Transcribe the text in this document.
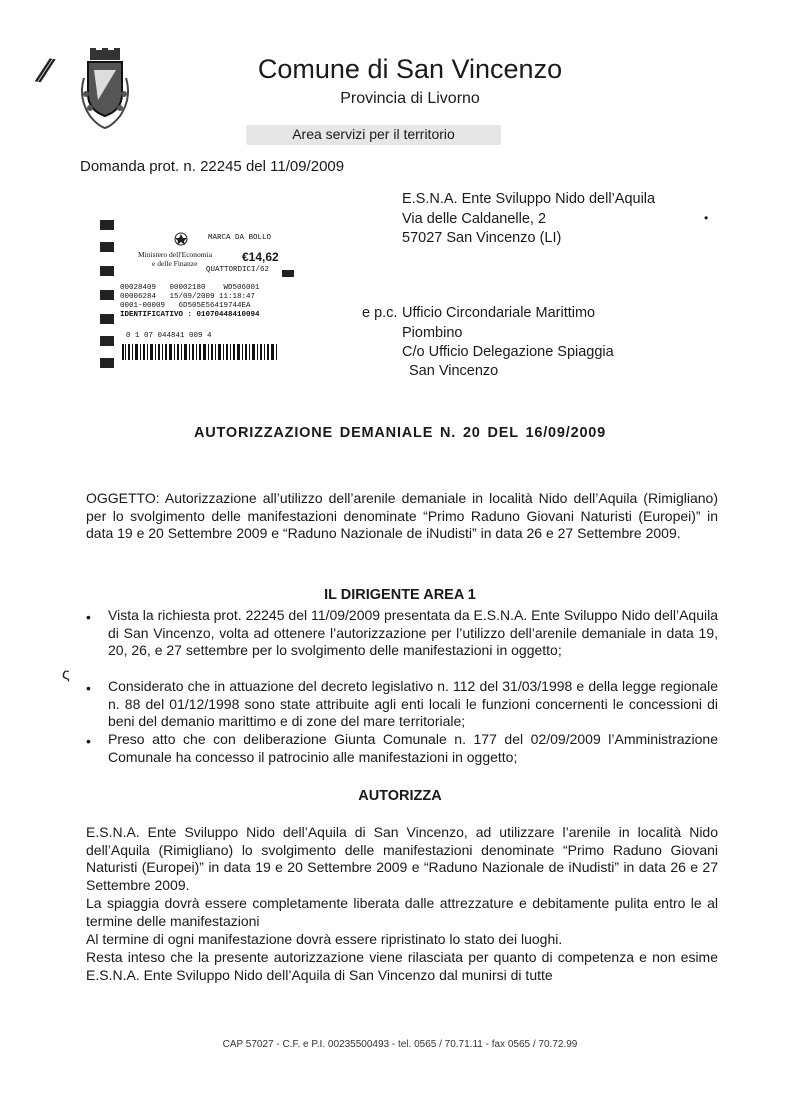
//
ς
•
Comune di San Vincenzo
Provincia di Livorno
Area servizi per il territorio
Domanda prot. n. 22245 del 11/09/2009
E.S.N.A. Ente Sviluppo Nido dell’Aquila
Via delle Caldanelle, 2
57027 San Vincenzo (LI)
MARCA DA BOLLO
Ministero dell'Economia
e delle Finanze	€14,62
QUATTORDICI/62
00028409   00002180    WD506001
00006284   15/09/2009 11:18:47
0001-00009   6D505E56419744EA
IDENTIFICATIVO : 01070448410094
0 1 07 044841 009 4
e p.c. Ufficio Circondariale Marittimo
Piombino
C/o Ufficio Delegazione Spiaggia
San Vincenzo
AUTORIZZAZIONE DEMANIALE N. 20 DEL 16/09/2009
OGGETTO: Autorizzazione all’utilizzo dell’arenile demaniale in località Nido dell’Aquila (Rimigliano) per lo svolgimento delle manifestazioni denominate “Primo Raduno Giovani Naturisti (Europei)” in data 19 e 20 Settembre 2009 e “Raduno Nazionale de iNudisti” in data 26 e 27 Settembre 2009.
IL DIRIGENTE AREA 1
• Vista la richiesta prot. 22245 del 11/09/2009 presentata da E.S.N.A. Ente Sviluppo Nido dell’Aquila di San Vincenzo, volta ad ottenere l’autorizzazione per l’utilizzo dell’arenile demaniale in data 19, 20, 26, e 27 settembre per lo svolgimento delle manifestazioni in oggetto;
• Considerato che in attuazione del decreto legislativo n. 112 del 31/03/1998 e della legge regionale n. 88 del 01/12/1998 sono state attribuite agli enti locali le funzioni concernenti le concessioni di beni del demanio marittimo e di zone del mare territoriale;
• Preso atto che con deliberazione Giunta Comunale n. 177 del 02/09/2009 l’Amministrazione Comunale ha concesso il patrocinio alle manifestazioni in oggetto;
AUTORIZZA
E.S.N.A. Ente Sviluppo Nido dell’Aquila di San Vincenzo, ad utilizzare l’arenile in località Nido dell’Aquila (Rimigliano) lo svolgimento delle manifestazioni denominate “Primo Raduno Giovani Naturisti (Europei)” in data 19 e 20 Settembre 2009 e “Raduno Nazionale de iNudisti” in data 26 e 27 Settembre 2009.
La spiaggia dovrà essere completamente liberata dalle attrezzature e debitamente pulita entro le al termine delle manifestazioni
Al termine di ogni manifestazione dovrà essere ripristinato lo stato dei luoghi.
Resta inteso che la presente autorizzazione viene rilasciata per quanto di competenza e non esime E.S.N.A. Ente Sviluppo Nido dell’Aquila di San Vincenzo dal munirsi di tutte
CAP 57027 - C.F. e P.I. 00235500493 - tel. 0565 / 70.71.11 - fax 0565 / 70.72.99
